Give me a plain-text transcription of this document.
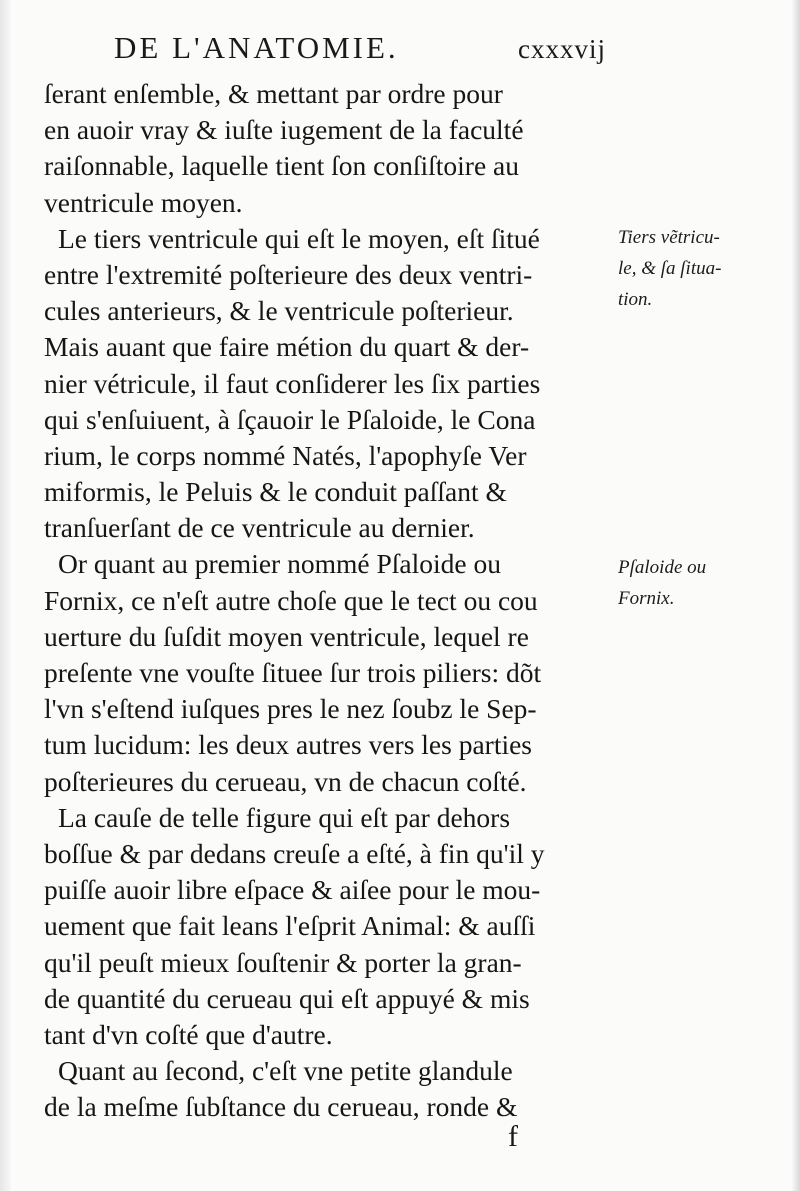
DE L'ANATOMIE.	cxxxvij
ſerant enſemble, & mettant par ordre pour
en auoir vray & iuſte iugement de la faculté
raiſonnable, laquelle tient ſon conſiſtoire au
ventricule moyen.
Le tiers ventricule qui eſt le moyen, eſt ſitué
entre l'extremité poſterieure des deux ventri-
cules anterieurs, & le ventricule poſterieur.
Mais auant que faire métion du quart & der-
nier vétricule, il faut conſiderer les ſix parties
qui s'enſuiuent, à ſçauoir le Pſaloide, le Cona
rium, le corps nommé Natés, l'apophyſe Ver
miformis, le Peluis & le conduit paſſant &
tranſuerſant de ce ventricule au dernier.
Or quant au premier nommé Pſaloide ou
Fornix, ce n'eſt autre choſe que le tect ou cou
uerture du ſuſdit moyen ventricule, lequel re
preſente vne vouſte ſituee ſur trois piliers: dõt
l'vn s'eſtend iuſques pres le nez ſoubz le Sep-
tum lucidum: les deux autres vers les parties
poſterieures du cerueau, vn de chacun coſté.
La cauſe de telle figure qui eſt par dehors
boſſue & par dedans creuſe a eſté, à fin qu'il y
puiſſe auoir libre eſpace & aiſee pour le mou-
uement que fait leans l'eſprit Animal: & auſſi
qu'il peuſt mieux ſouſtenir & porter la gran-
de quantité du cerueau qui eſt appuyé & mis
tant d'vn coſté que d'autre.
Quant au ſecond, c'eſt vne petite glandule
de la meſme ſubſtance du cerueau, ronde &
Tiers vẽtricu-
le, & ſa ſitua-
tion.
Pſaloide ou
Fornix.
f
